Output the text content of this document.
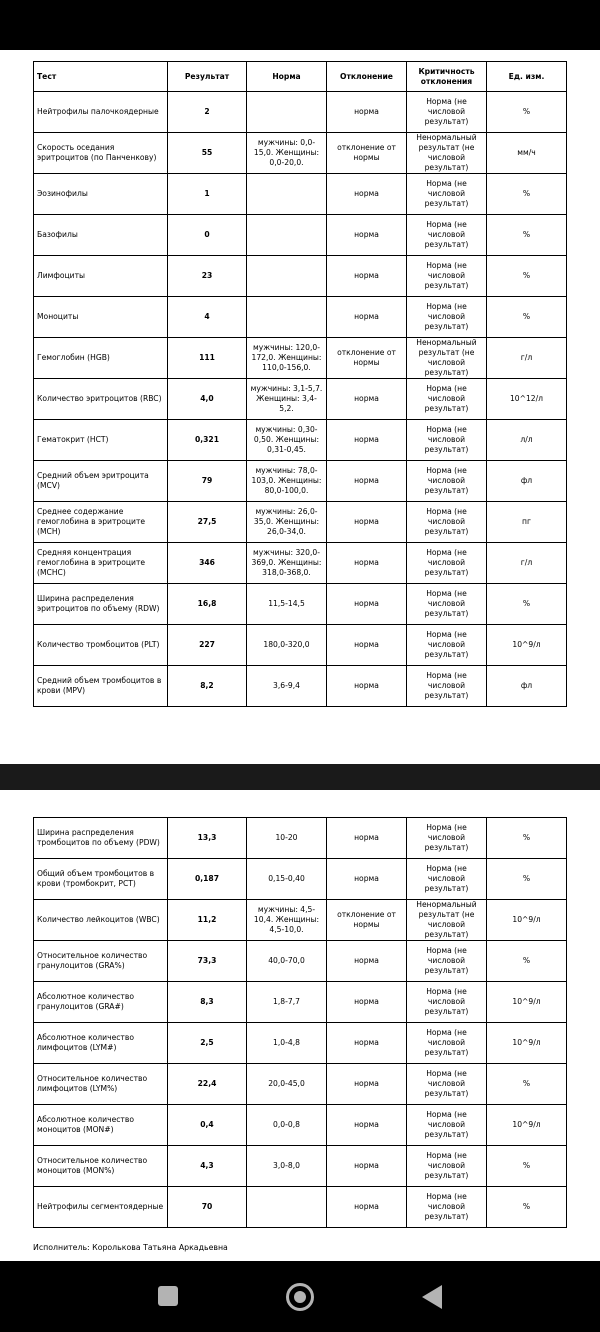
Тест	Результат	Норма	Отклонение	Критичность отклонения	Ед. изм.
Нейтрофилы палочкоядерные	2		норма	Норма (не числовой результат)	%
Скорость оседания эритроцитов (по Панченкову)	55	мужчины: 0,0-15,0. Женщины: 0,0-20,0.	отклонение от нормы	Ненормальный результат (не числовой результат)	мм/ч
Эозинофилы	1		норма	Норма (не числовой результат)	%
Базофилы	0		норма	Норма (не числовой результат)	%
Лимфоциты	23		норма	Норма (не числовой результат)	%
Моноциты	4		норма	Норма (не числовой результат)	%
Гемоглобин (HGB)	111	мужчины: 120,0-172,0. Женщины: 110,0-156,0.	отклонение от нормы	Ненормальный результат (не числовой результат)	г/л
Количество эритроцитов (RBC)	4,0	мужчины: 3,1-5,7. Женщины: 3,4-5,2.	норма	Норма (не числовой результат)	10^12/л
Гематокрит (HCT)	0,321	мужчины: 0,30-0,50. Женщины: 0,31-0,45.	норма	Норма (не числовой результат)	л/л
Средний объем эритроцита (MCV)	79	мужчины: 78,0-103,0. Женщины: 80,0-100,0.	норма	Норма (не числовой результат)	фл
Среднее содержание гемоглобина в эритроците (MCH)	27,5	мужчины: 26,0-35,0. Женщины: 26,0-34,0.	норма	Норма (не числовой результат)	пг
Средняя концентрация гемоглобина в эритроците (MCHC)	346	мужчины: 320,0-369,0. Женщины: 318,0-368,0.	норма	Норма (не числовой результат)	г/л
Ширина распределения эритроцитов по объему (RDW)	16,8	11,5-14,5	норма	Норма (не числовой результат)	%
Количество тромбоцитов (PLT)	227	180,0-320,0	норма	Норма (не числовой результат)	10^9/л
Средний объем тромбоцитов в крови (MPV)	8,2	3,6-9,4	норма	Норма (не числовой результат)	фл
Ширина распределения тромбоцитов по объему (PDW)	13,3	10-20	норма	Норма (не числовой результат)	%
Общий объем тромбоцитов в крови (тромбокрит, PCT)	0,187	0,15-0,40	норма	Норма (не числовой результат)	%
Количество лейкоцитов (WBC)	11,2	мужчины: 4,5-10,4. Женщины: 4,5-10,0.	отклонение от нормы	Ненормальный результат (не числовой результат)	10^9/л
Относительное количество гранулоцитов (GRA%)	73,3	40,0-70,0	норма	Норма (не числовой результат)	%
Абсолютное количество гранулоцитов (GRA#)	8,3	1,8-7,7	норма	Норма (не числовой результат)	10^9/л
Абсолютное количество лимфоцитов (LYM#)	2,5	1,0-4,8	норма	Норма (не числовой результат)	10^9/л
Относительное количество лимфоцитов (LYM%)	22,4	20,0-45,0	норма	Норма (не числовой результат)	%
Абсолютное количество моноцитов (MON#)	0,4	0,0-0,8	норма	Норма (не числовой результат)	10^9/л
Относительное количество моноцитов (MON%)	4,3	3,0-8,0	норма	Норма (не числовой результат)	%
Нейтрофилы сегментоядерные	70		норма	Норма (не числовой результат)	%
Исполнитель: Королькова Татьяна Аркадьевна
